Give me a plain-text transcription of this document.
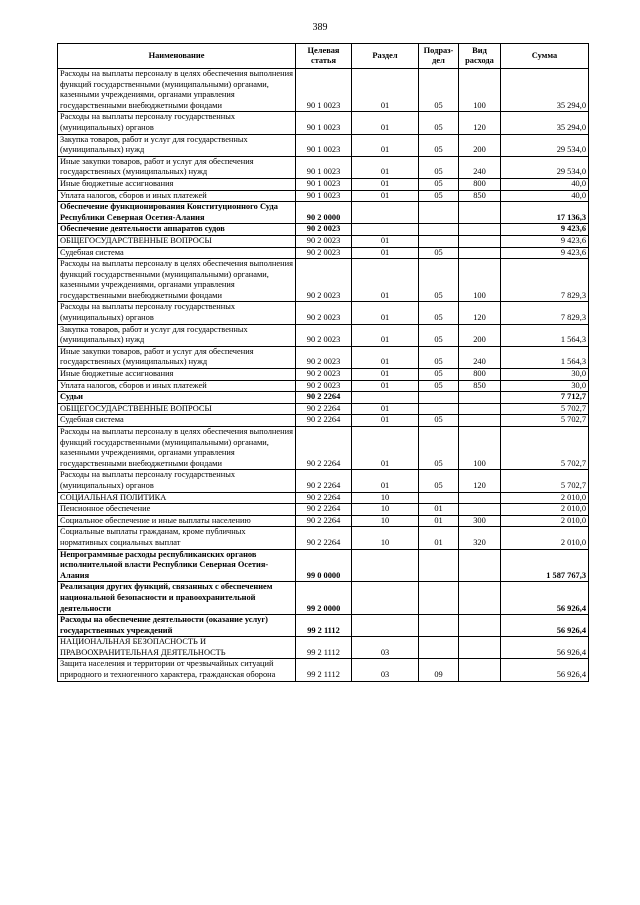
389
Наименование	Целевая статья	Раздел	Подраз-дел	Вид расхода	Сумма
Расходы на выплаты персоналу в целях обеспечения выполнения функций государственными (муниципальными) органами, казенными учреждениями, органами управления государственными внебюджетными фондами	90 1 0023	01	05	100	35 294,0
Расходы на выплаты персоналу государственных (муниципальных) органов	90 1 0023	01	05	120	35 294,0
Закупка товаров, работ и услуг для государственных (муниципальных) нужд	90 1 0023	01	05	200	29 534,0
Иные закупки товаров, работ и услуг для обеспечения государственных (муниципальных) нужд	90 1 0023	01	05	240	29 534,0
Иные бюджетные ассигнования	90 1 0023	01	05	800	40,0
Уплата налогов, сборов и иных платежей	90 1 0023	01	05	850	40,0
Обеспечение функционирования Конституционного Суда Республики Северная Осетия-Алания	90 2 0000				17 136,3
Обеспечение деятельности аппаратов судов	90 2 0023				9 423,6
ОБЩЕГОСУДАРСТВЕННЫЕ ВОПРОСЫ	90 2 0023	01			9 423,6
Судебная система	90 2 0023	01	05		9 423,6
Расходы на выплаты персоналу в целях обеспечения выполнения функций государственными (муниципальными) органами, казенными учреждениями, органами управления государственными внебюджетными фондами	90 2 0023	01	05	100	7 829,3
Расходы на выплаты персоналу государственных (муниципальных) органов	90 2 0023	01	05	120	7 829,3
Закупка товаров, работ и услуг для государственных (муниципальных) нужд	90 2 0023	01	05	200	1 564,3
Иные закупки товаров, работ и услуг для обеспечения государственных (муниципальных) нужд	90 2 0023	01	05	240	1 564,3
Иные бюджетные ассигнования	90 2 0023	01	05	800	30,0
Уплата налогов, сборов и иных платежей	90 2 0023	01	05	850	30,0
Судьи	90 2 2264				7 712,7
ОБЩЕГОСУДАРСТВЕННЫЕ ВОПРОСЫ	90 2 2264	01			5 702,7
Судебная система	90 2 2264	01	05		5 702,7
Расходы на выплаты персоналу в целях обеспечения выполнения функций государственными (муниципальными) органами, казенными учреждениями, органами управления государственными внебюджетными фондами	90 2 2264	01	05	100	5 702,7
Расходы на выплаты персоналу государственных (муниципальных) органов	90 2 2264	01	05	120	5 702,7
СОЦИАЛЬНАЯ ПОЛИТИКА	90 2 2264	10			2 010,0
Пенсионное обеспечение	90 2 2264	10	01		2 010,0
Социальное обеспечение и иные выплаты населению	90 2 2264	10	01	300	2 010,0
Социальные выплаты гражданам, кроме публичных нормативных социальных выплат	90 2 2264	10	01	320	2 010,0
Непрограммные расходы республиканских органов исполнительной власти Республики Северная Осетия-Алания	99 0 0000				1 587 767,3
Реализация других функций, связанных с обеспечением национальной безопасности и правоохранительной деятельности	99 2 0000				56 926,4
Расходы на обеспечение деятельности (оказание услуг) государственных учреждений	99 2 1112				56 926,4
НАЦИОНАЛЬНАЯ БЕЗОПАСНОСТЬ И ПРАВООХРАНИТЕЛЬНАЯ ДЕЯТЕЛЬНОСТЬ	99 2 1112	03			56 926,4
Защита населения и территории от чрезвычайных ситуаций природного и техногенного характера, гражданская оборона	99 2 1112	03	09		56 926,4
